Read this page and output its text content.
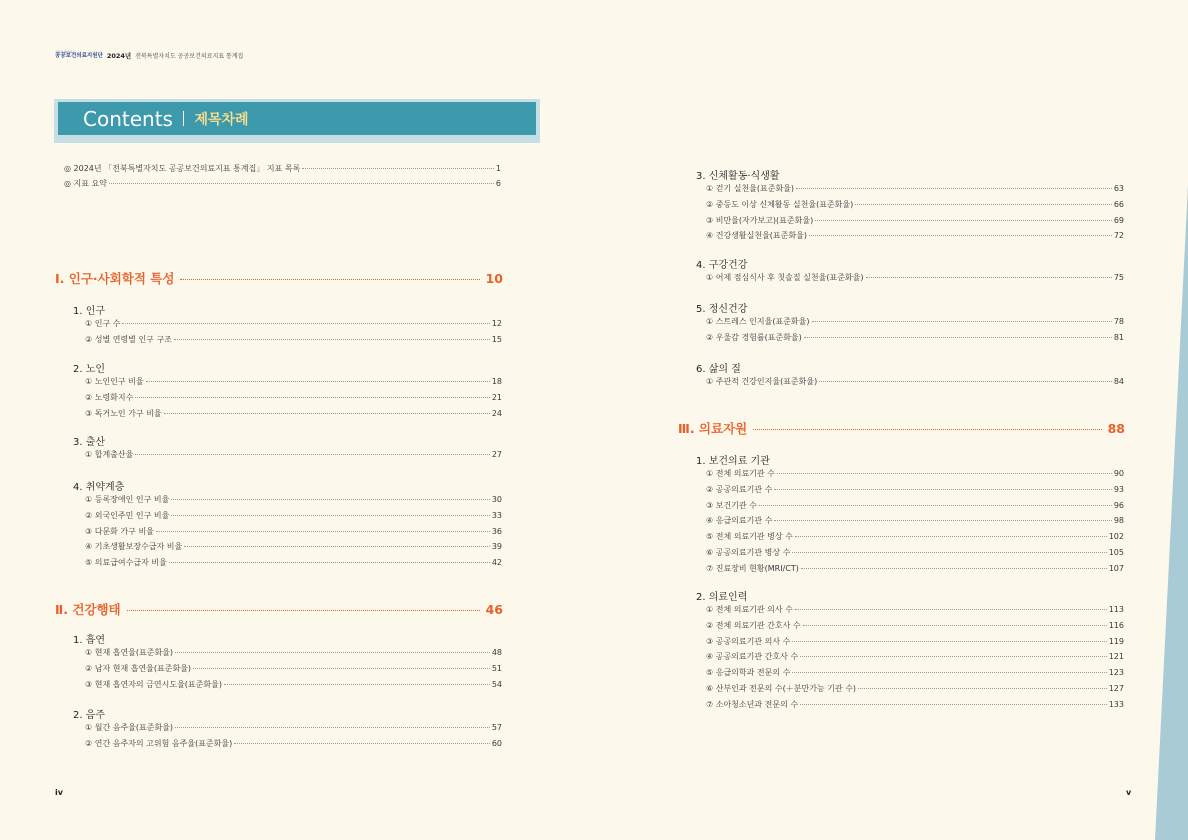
전북특별자치도
공공보건의료지원단 2024년 전북특별자치도 공공보건의료지표 통계집
Contents 제목차례
◎ 2024년 「전북특별자치도 공공보건의료지표 통계집」 지표 목록	1
◎ 지표 요약	6
Ⅰ. 인구·사회학적 특성	10
1. 인구
① 인구 수	12
② 성별 연령별 인구 구조	15
2. 노인
① 노인인구 비율	18
② 노령화지수	21
③ 독거노인 가구 비율	24
3. 출산
① 합계출산율	27
4. 취약계층
① 등록장애인 인구 비율	30
② 외국인주민 인구 비율	33
③ 다문화 가구 비율	36
④ 기초생활보장수급자 비율	39
⑤ 의료급여수급자 비율	42
Ⅱ. 건강행태	46
1. 흡연
① 현재 흡연율(표준화율)	48
② 남자 현재 흡연율(표준화율)	51
③ 현재 흡연자의 금연시도율(표준화율)	54
2. 음주
① 월간 음주율(표준화율)	57
② 연간 음주자의 고위험 음주율(표준화율)	60
3. 신체활동·식생활
① 걷기 실천율(표준화율)	63
② 중등도 이상 신체활동 실천율(표준화율)	66
③ 비만율(자가보고)(표준화율)	69
④ 건강생활실천율(표준화율)	72
4. 구강건강
① 어제 점심식사 후 칫솔질 실천율(표준화율)	75
5. 정신건강
① 스트레스 인지율(표준화율)	78
② 우울감 경험률(표준화율)	81
6. 삶의 질
① 주관적 건강인지율(표준화율)	84
Ⅲ. 의료자원	88
1. 보건의료 기관
① 전체 의료기관 수	90
② 공공의료기관 수	93
③ 보건기관 수	96
④ 응급의료기관 수	98
⑤ 전체 의료기관 병상 수	102
⑥ 공공의료기관 병상 수	105
⑦ 진료장비 현황(MRI/CT)	107
2. 의료인력
① 전체 의료기관 의사 수	113
② 전체 의료기관 간호사 수	116
③ 공공의료기관 의사 수	119
④ 공공의료기관 간호사 수	121
⑤ 응급의학과 전문의 수	123
⑥ 산부인과 전문의 수(＋분만가능 기관 수)	127
⑦ 소아청소년과 전문의 수	133
iv	v
